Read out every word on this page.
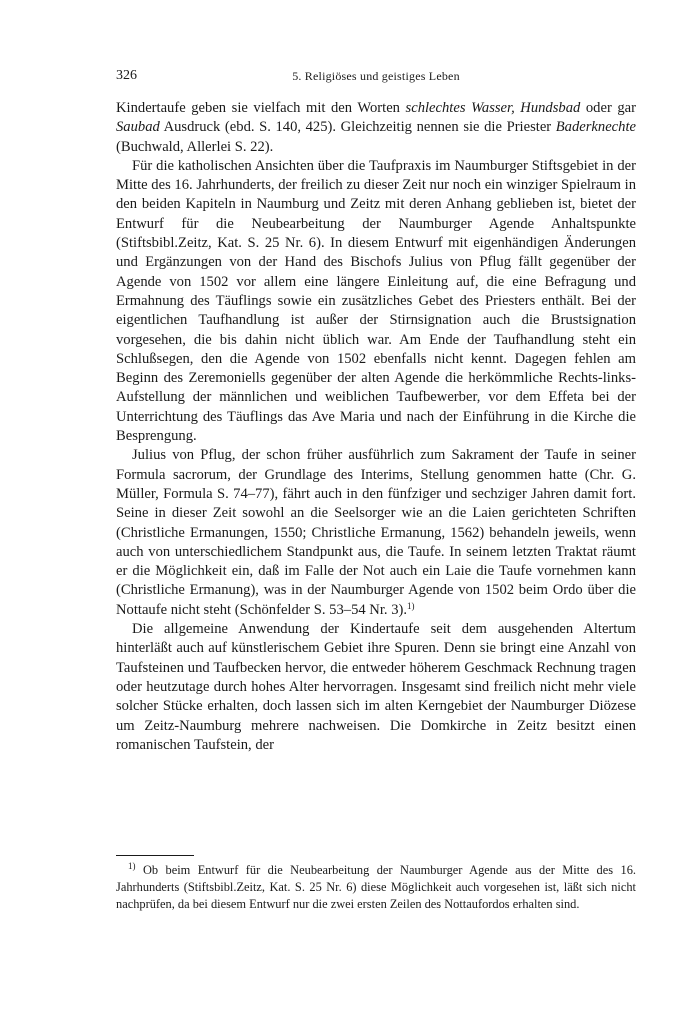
326	5. Religiöses und geistiges Leben

Kindertaufe geben sie vielfach mit den Worten schlechtes Wasser, Hundsbad oder gar Saubad Ausdruck (ebd. S. 140, 425). Gleichzeitig nennen sie die Priester Baderknechte (Buchwald, Allerlei S. 22).

Für die katholischen Ansichten über die Taufpraxis im Naumburger Stiftsgebiet in der Mitte des 16. Jahrhunderts, der freilich zu dieser Zeit nur noch ein winziger Spielraum in den beiden Kapiteln in Naumburg und Zeitz mit deren Anhang geblieben ist, bietet der Entwurf für die Neubearbeitung der Naumburger Agende Anhaltspunkte (Stiftsbibl.Zeitz, Kat. S. 25 Nr. 6). In diesem Entwurf mit eigenhändigen Änderungen und Ergänzungen von der Hand des Bischofs Julius von Pflug fällt gegenüber der Agende von 1502 vor allem eine längere Einleitung auf, die eine Befragung und Ermahnung des Täuflings sowie ein zusätzliches Gebet des Priesters enthält. Bei der eigentlichen Taufhandlung ist außer der Stirnsignation auch die Brustsignation vorgesehen, die bis dahin nicht üblich war. Am Ende der Taufhandlung steht ein Schlußsegen, den die Agende von 1502 ebenfalls nicht kennt. Dagegen fehlen am Beginn des Zeremoniells gegenüber der alten Agende die herkömmliche Rechts-links-Aufstellung der männlichen und weiblichen Taufbewerber, vor dem Effeta bei der Unterrichtung des Täuflings das Ave Maria und nach der Einführung in die Kirche die Besprengung.

Julius von Pflug, der schon früher ausführlich zum Sakrament der Taufe in seiner Formula sacrorum, der Grundlage des Interims, Stellung genommen hatte (Chr. G. Müller, Formula S. 74–77), fährt auch in den fünfziger und sechziger Jahren damit fort. Seine in dieser Zeit sowohl an die Seelsorger wie an die Laien gerichteten Schriften (Christliche Ermanungen, 1550; Christliche Ermanung, 1562) behandeln jeweils, wenn auch von unterschiedlichem Standpunkt aus, die Taufe. In seinem letzten Traktat räumt er die Möglichkeit ein, daß im Falle der Not auch ein Laie die Taufe vornehmen kann (Christliche Ermanung), was in der Naumburger Agende von 1502 beim Ordo über die Nottaufe nicht steht (Schönfelder S. 53–54 Nr. 3).$^{1)}$

Die allgemeine Anwendung der Kindertaufe seit dem ausgehenden Altertum hinterläßt auch auf künstlerischem Gebiet ihre Spuren. Denn sie bringt eine Anzahl von Taufsteinen und Taufbecken hervor, die entweder höherem Geschmack Rechnung tragen oder heutzutage durch hohes Alter hervorragen. Insgesamt sind freilich nicht mehr viele solcher Stücke erhalten, doch lassen sich im alten Kerngebiet der Naumburger Diözese um Zeitz-Naumburg mehrere nachweisen. Die Domkirche in Zeitz besitzt einen romanischen Taufstein, der

$^{1)}$ Ob beim Entwurf für die Neubearbeitung der Naumburger Agende aus der Mitte des 16. Jahrhunderts (Stiftsbibl.Zeitz, Kat. S. 25 Nr. 6) diese Möglichkeit auch vorgesehen ist, läßt sich nicht nachprüfen, da bei diesem Entwurf nur die zwei ersten Zeilen des Nottaufordos erhalten sind.
